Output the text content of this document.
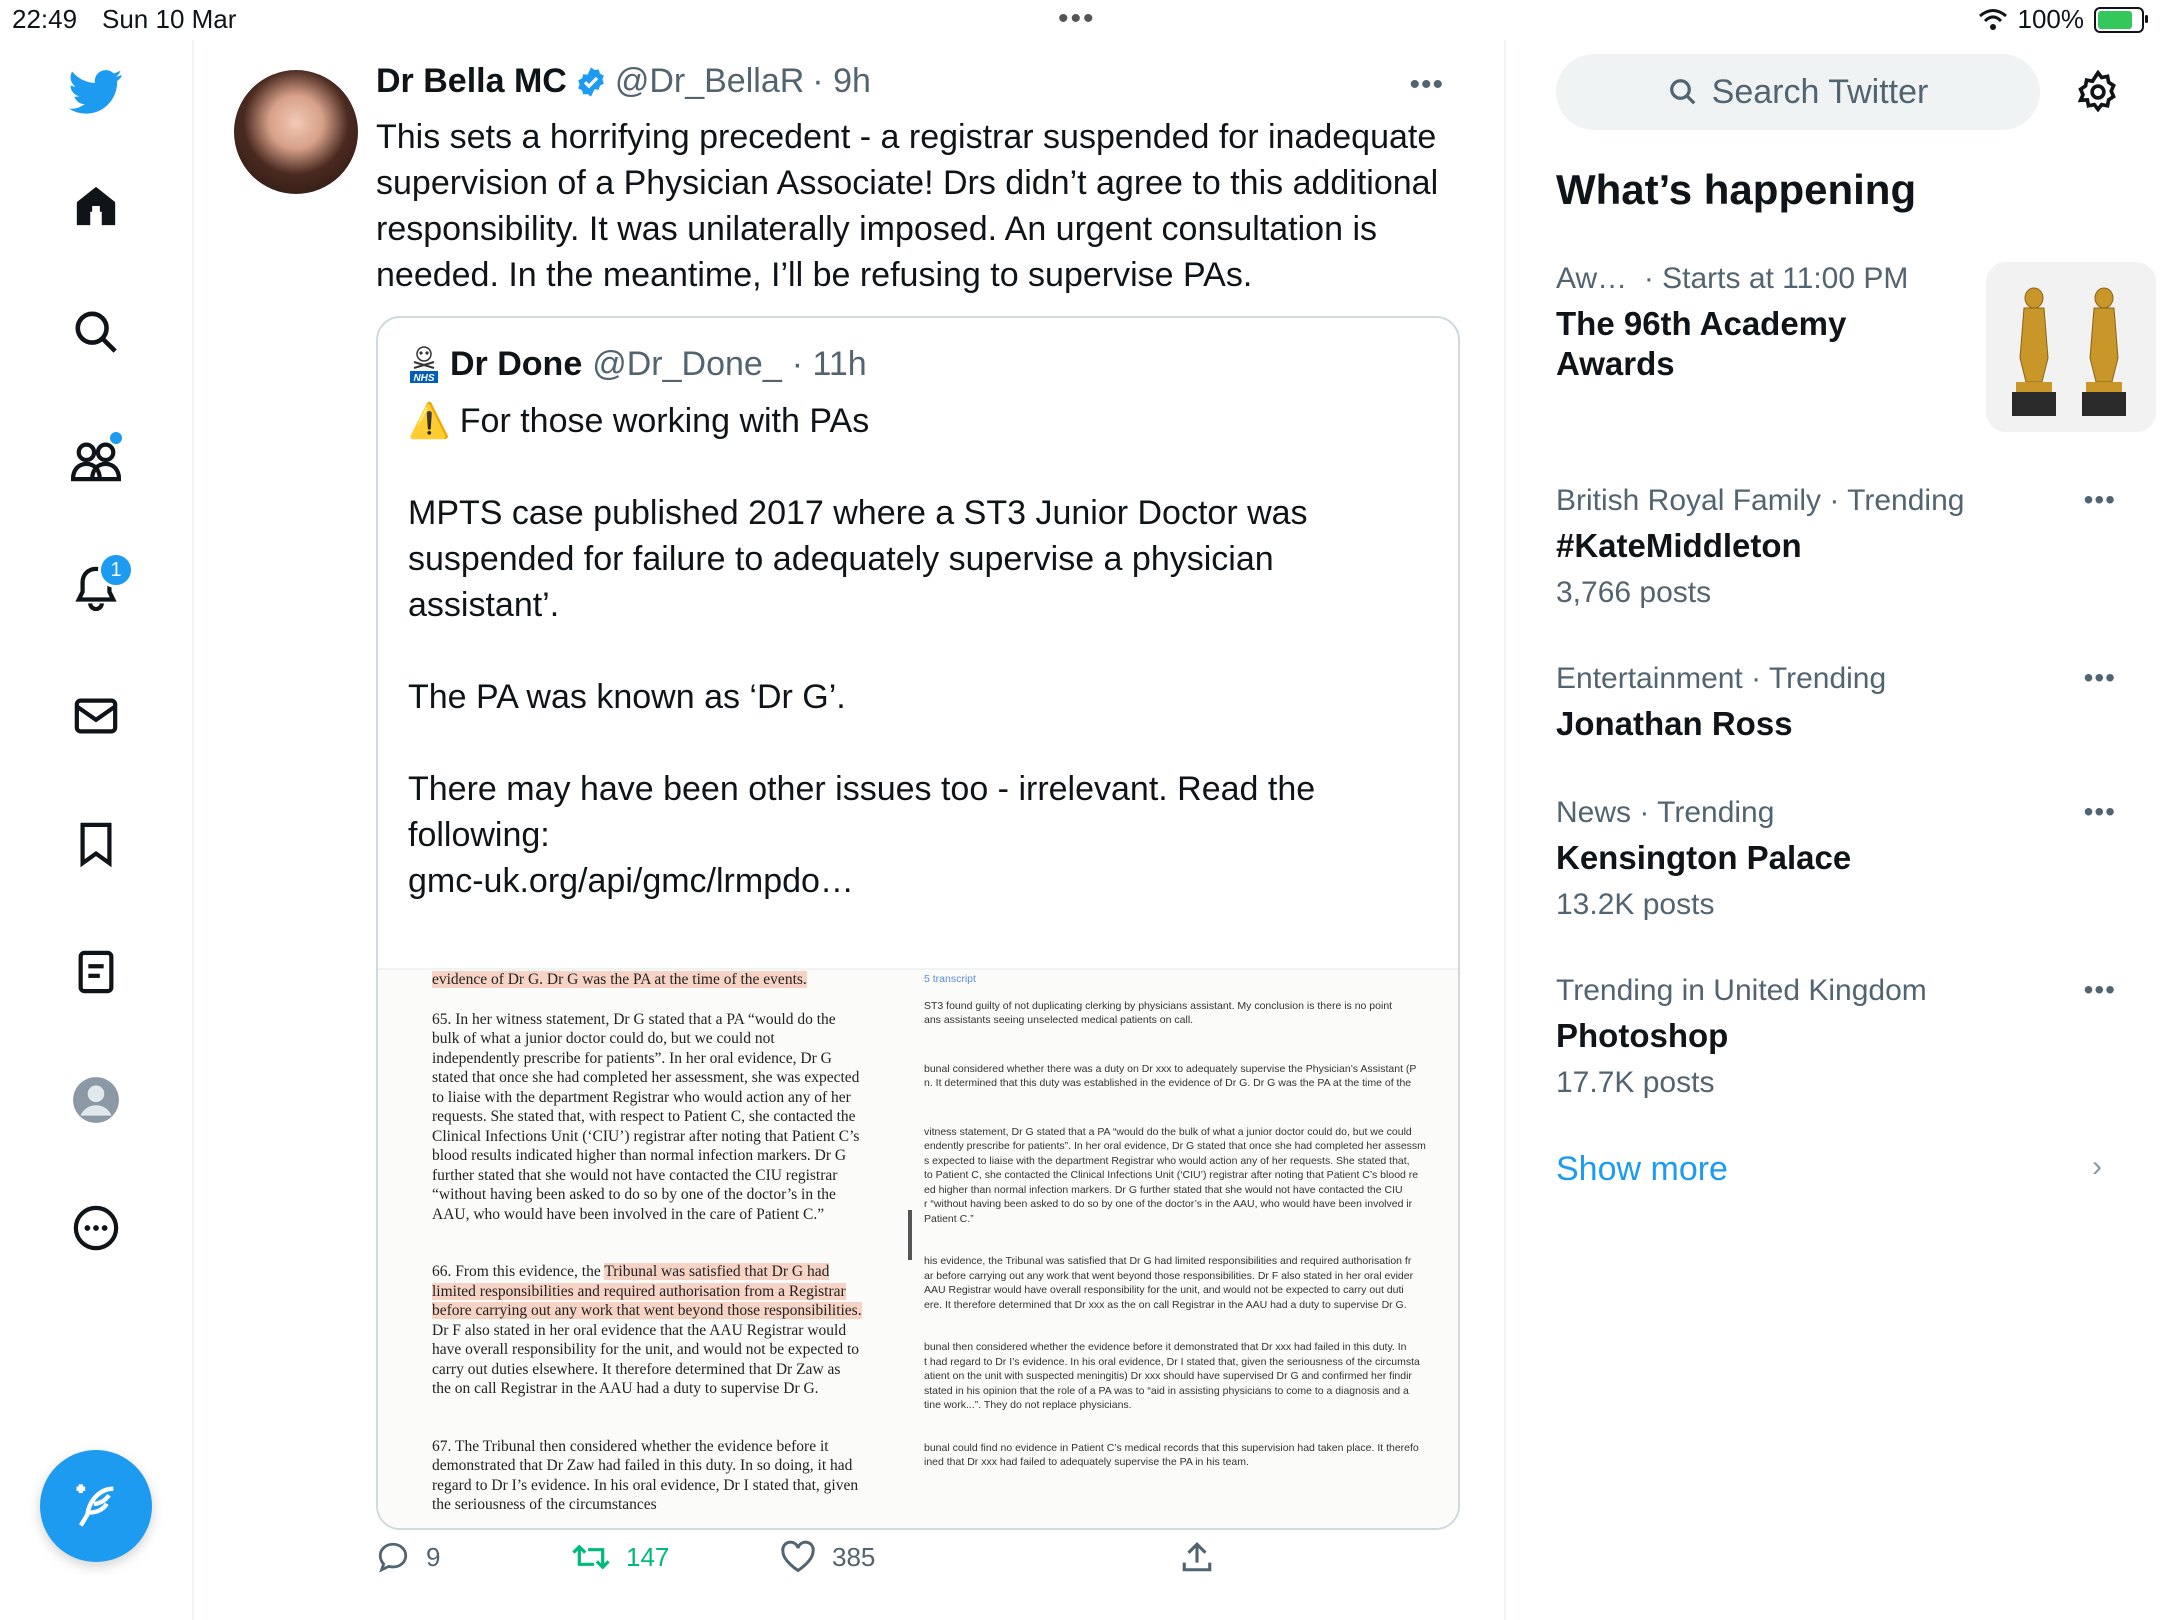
22:49 Sun 10 Mar	•••	100%
1
Dr Bella MC @Dr_BellaR · 9h	•••
This sets a horrifying precedent - a registrar suspended for inadequate supervision of a Physician Associate! Drs didn’t agree to this additional responsibility. It was unilaterally imposed. An urgent consultation is needed. In the meantime, I’ll be refusing to supervise PAs.
NHS Dr Done @Dr_Done_ · 11h
⚠️ For those working with PAs

MPTS case published 2017 where a ST3 Junior Doctor was suspended for failure to adequately supervise a physician assistant’.

The PA was known as ‘Dr G’.

There may have been other issues too - irrelevant. Read the following:
gmc-uk.org/api/gmc/lrmpdo…

evidence of Dr G. Dr G was the PA at the time of the events.

65. In her witness statement, Dr G stated that a PA “would do the bulk of what a junior doctor could do, but we could not independently prescribe for patients”. In her oral evidence, Dr G stated that once she had completed her assessment, she was expected to liaise with the department Registrar who would action any of her requests. She stated that, with respect to Patient C, she contacted the Clinical Infections Unit (‘CIU’) registrar after noting that Patient C’s blood results indicated higher than normal infection markers. Dr G further stated that she would not have contacted the CIU registrar “without having been asked to do so by one of the doctor’s in the AAU, who would have been involved in the care of Patient C.”

66. From this evidence, the Tribunal was satisfied that Dr G had limited responsibilities and required authorisation from a Registrar before carrying out any work that went beyond those responsibilities. Dr F also stated in her oral evidence that the AAU Registrar would have overall responsibility for the unit, and would not be expected to carry out duties elsewhere. It therefore determined that Dr Zaw as the on call Registrar in the AAU had a duty to supervise Dr G.

67. The Tribunal then considered whether the evidence before it demonstrated that Dr Zaw had failed in this duty. In so doing, it had regard to Dr I’s evidence. In his oral evidence, Dr I stated that, given the seriousness of the circumstances

5 transcript

ST3 found guilty of not duplicating clerking by physicians assistant. My conclusion is there is no point
ans assistants seeing unselected medical patients on call.

bunal considered whether there was a duty on Dr xxx to adequately supervise the Physician’s Assistant (P
n. It determined that this duty was established in the evidence of Dr G. Dr G was the PA at the time of the

vitness statement, Dr G stated that a PA “would do the bulk of what a junior doctor could do, but we could
endently prescribe for patients”. In her oral evidence, Dr G stated that once she had completed her assessm
s expected to liaise with the department Registrar who would action any of her requests. She stated that,
to Patient C, she contacted the Clinical Infections Unit (‘CIU’) registrar after noting that Patient C’s blood re
ed higher than normal infection markers. Dr G further stated that she would not have contacted the CIU
r “without having been asked to do so by one of the doctor’s in the AAU, who would have been involved ir
Patient C.”

his evidence, the Tribunal was satisfied that Dr G had limited responsibilities and required authorisation fr
ar before carrying out any work that went beyond those responsibilities. Dr F also stated in her oral evider
AAU Registrar would have overall responsibility for the unit, and would not be expected to carry out duti
ere. It therefore determined that Dr xxx as the on call Registrar in the AAU had a duty to supervise Dr G.

bunal then considered whether the evidence before it demonstrated that Dr xxx had failed in this duty. In
t had regard to Dr I’s evidence. In his oral evidence, Dr I stated that, given the seriousness of the circumsta
atient on the unit with suspected meningitis) Dr xxx should have supervised Dr G and confirmed her findir
stated in his opinion that the role of a PA was to “aid in assisting physicians to come to a diagnosis and a
tine work...”. They do not replace physicians.

bunal could find no evidence in Patient C’s medical records that this supervision had taken place. It therefo
ined that Dr xxx had failed to adequately supervise the PA in his team.

9	147	385
Search Twitter
What’s happening
Aw… · Starts at 11:00 PM
The 96th Academy Awards
British Royal Family · Trending
#KateMiddleton
3,766 posts
•••
Entertainment · Trending
Jonathan Ross
•••
News · Trending
Kensington Palace
13.2K posts
•••
Trending in United Kingdom
Photoshop
17.7K posts
•••
Show more	›
